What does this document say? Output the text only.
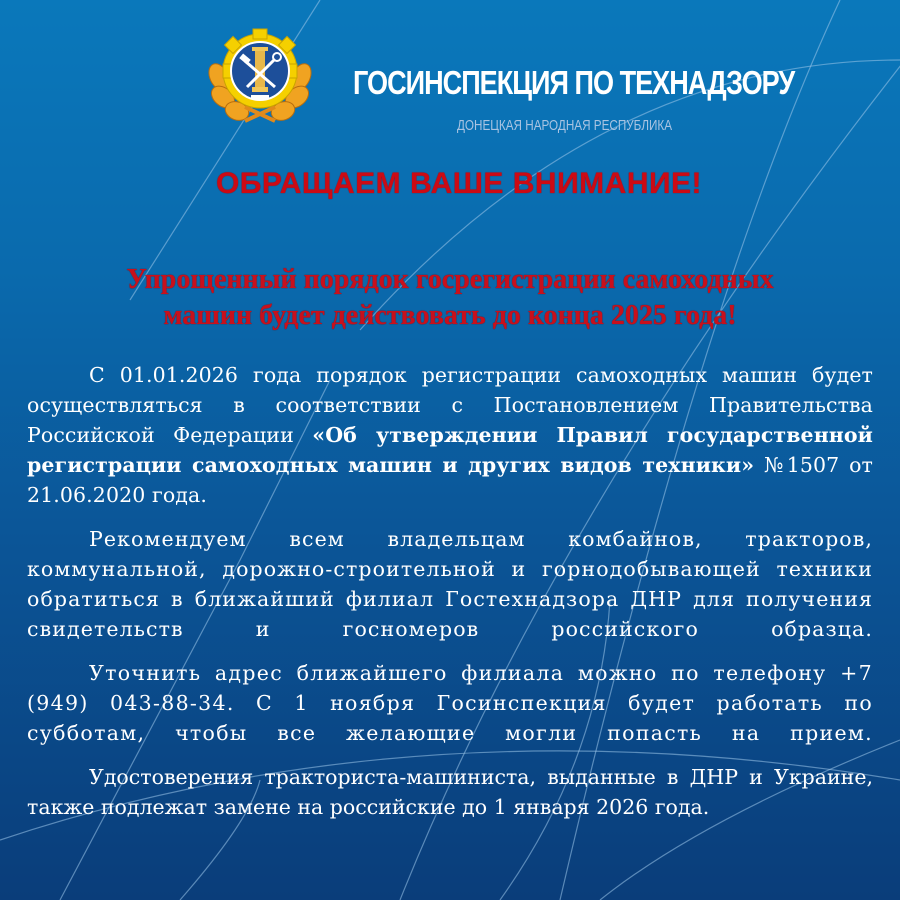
ГОСИНСПЕКЦИЯ ПО ТЕХНАДЗОРУ
ДОНЕЦКАЯ НАРОДНАЯ РЕСПУБЛИКА
ОБРАЩАЕМ ВАШЕ ВНИМАНИЕ!
Упрощенный порядок госрегистрации самоходных
машин будет действовать до конца 2025 года!

С 01.01.2026 года порядок регистрации самоходных машин будет осуществляться в соответствии с Постановлением Правительства Российской Федерации «Об утверждении Правил государственной регистрации самоходных машин и других видов техники» №1507 от 21.06.2020 года.

Рекомендуем всем владельцам комбайнов, тракторов, коммунальной, дорожно-строительной и горнодобывающей техники обратиться в ближайший филиал Гостехнадзора ДНР для получения свидетельств и госномеров российского образца.

Уточнить адрес ближайшего филиала можно по телефону +7 (949) 043-88-34. С 1 ноября Госинспекция будет работать по субботам, чтобы все желающие могли попасть на прием.

Удостоверения тракториста-машиниста, выданные в ДНР и Украине, также подлежат замене на российские до 1 января 2026 года.
